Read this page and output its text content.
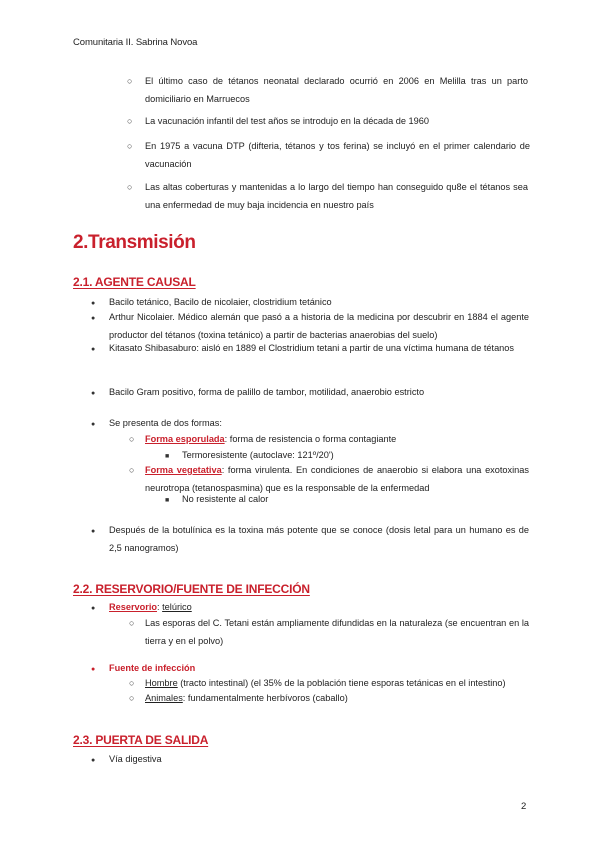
Comunitaria II. Sabrina Novoa
○
El último caso de tétanos neonatal declarado ocurrió en 2006 en Melilla tras un parto domiciliario en Marruecos
○
La vacunación infantil del test años se introdujo en la década de 1960
○
En 1975 a vacuna DTP (difteria, tétanos y tos ferina) se incluyó en el primer calendario de vacunación
○
Las altas coberturas y mantenidas a lo largo del tiempo han conseguido qu8e el tétanos sea una enfermedad de muy baja incidencia en nuestro país
2.Transmisión
2.1. AGENTE CAUSAL
●
Bacilo tetánico, Bacilo de nicolaier, clostridium tetánico
●
Arthur Nicolaier. Médico alemán que pasó a a historia de la medicina por descubrir en 1884 el agente productor del tétanos (toxina tetánico) a partir de bacterias anaerobias del suelo)
●
Kitasato Shibasaburo: aisló en 1889 el Clostridium tetani a partir de una víctima humana de tétanos
●
Bacilo Gram positivo, forma de palillo de tambor, motilidad, anaerobio estricto
●
Se presenta de dos formas:
○
Forma esporulada: forma de resistencia o forma contagiante
■
Termoresistente (autoclave: 121º/20')
○
Forma vegetativa: forma virulenta. En condiciones de anaerobio si elabora una exotoxinas neurotropa (tetanospasmina) que es la responsable de la enfermedad
■
No resistente al calor
●
Después de la botulínica es la toxina más potente que se conoce (dosis letal para un humano es de 2,5 nanogramos)
2.2. RESERVORIO/FUENTE DE INFECCIÓN
●
Reservorio: telúrico
○
Las esporas del C. Tetani están ampliamente difundidas en la naturaleza (se encuentran en la tierra y en el polvo)
●
Fuente de infección
○
Hombre (tracto intestinal) (el 35% de la población tiene esporas tetánicas en el intestino)
○
Animales: fundamentalmente herbívoros (caballo)
2.3. PUERTA DE SALIDA
●
Vía digestiva
2
